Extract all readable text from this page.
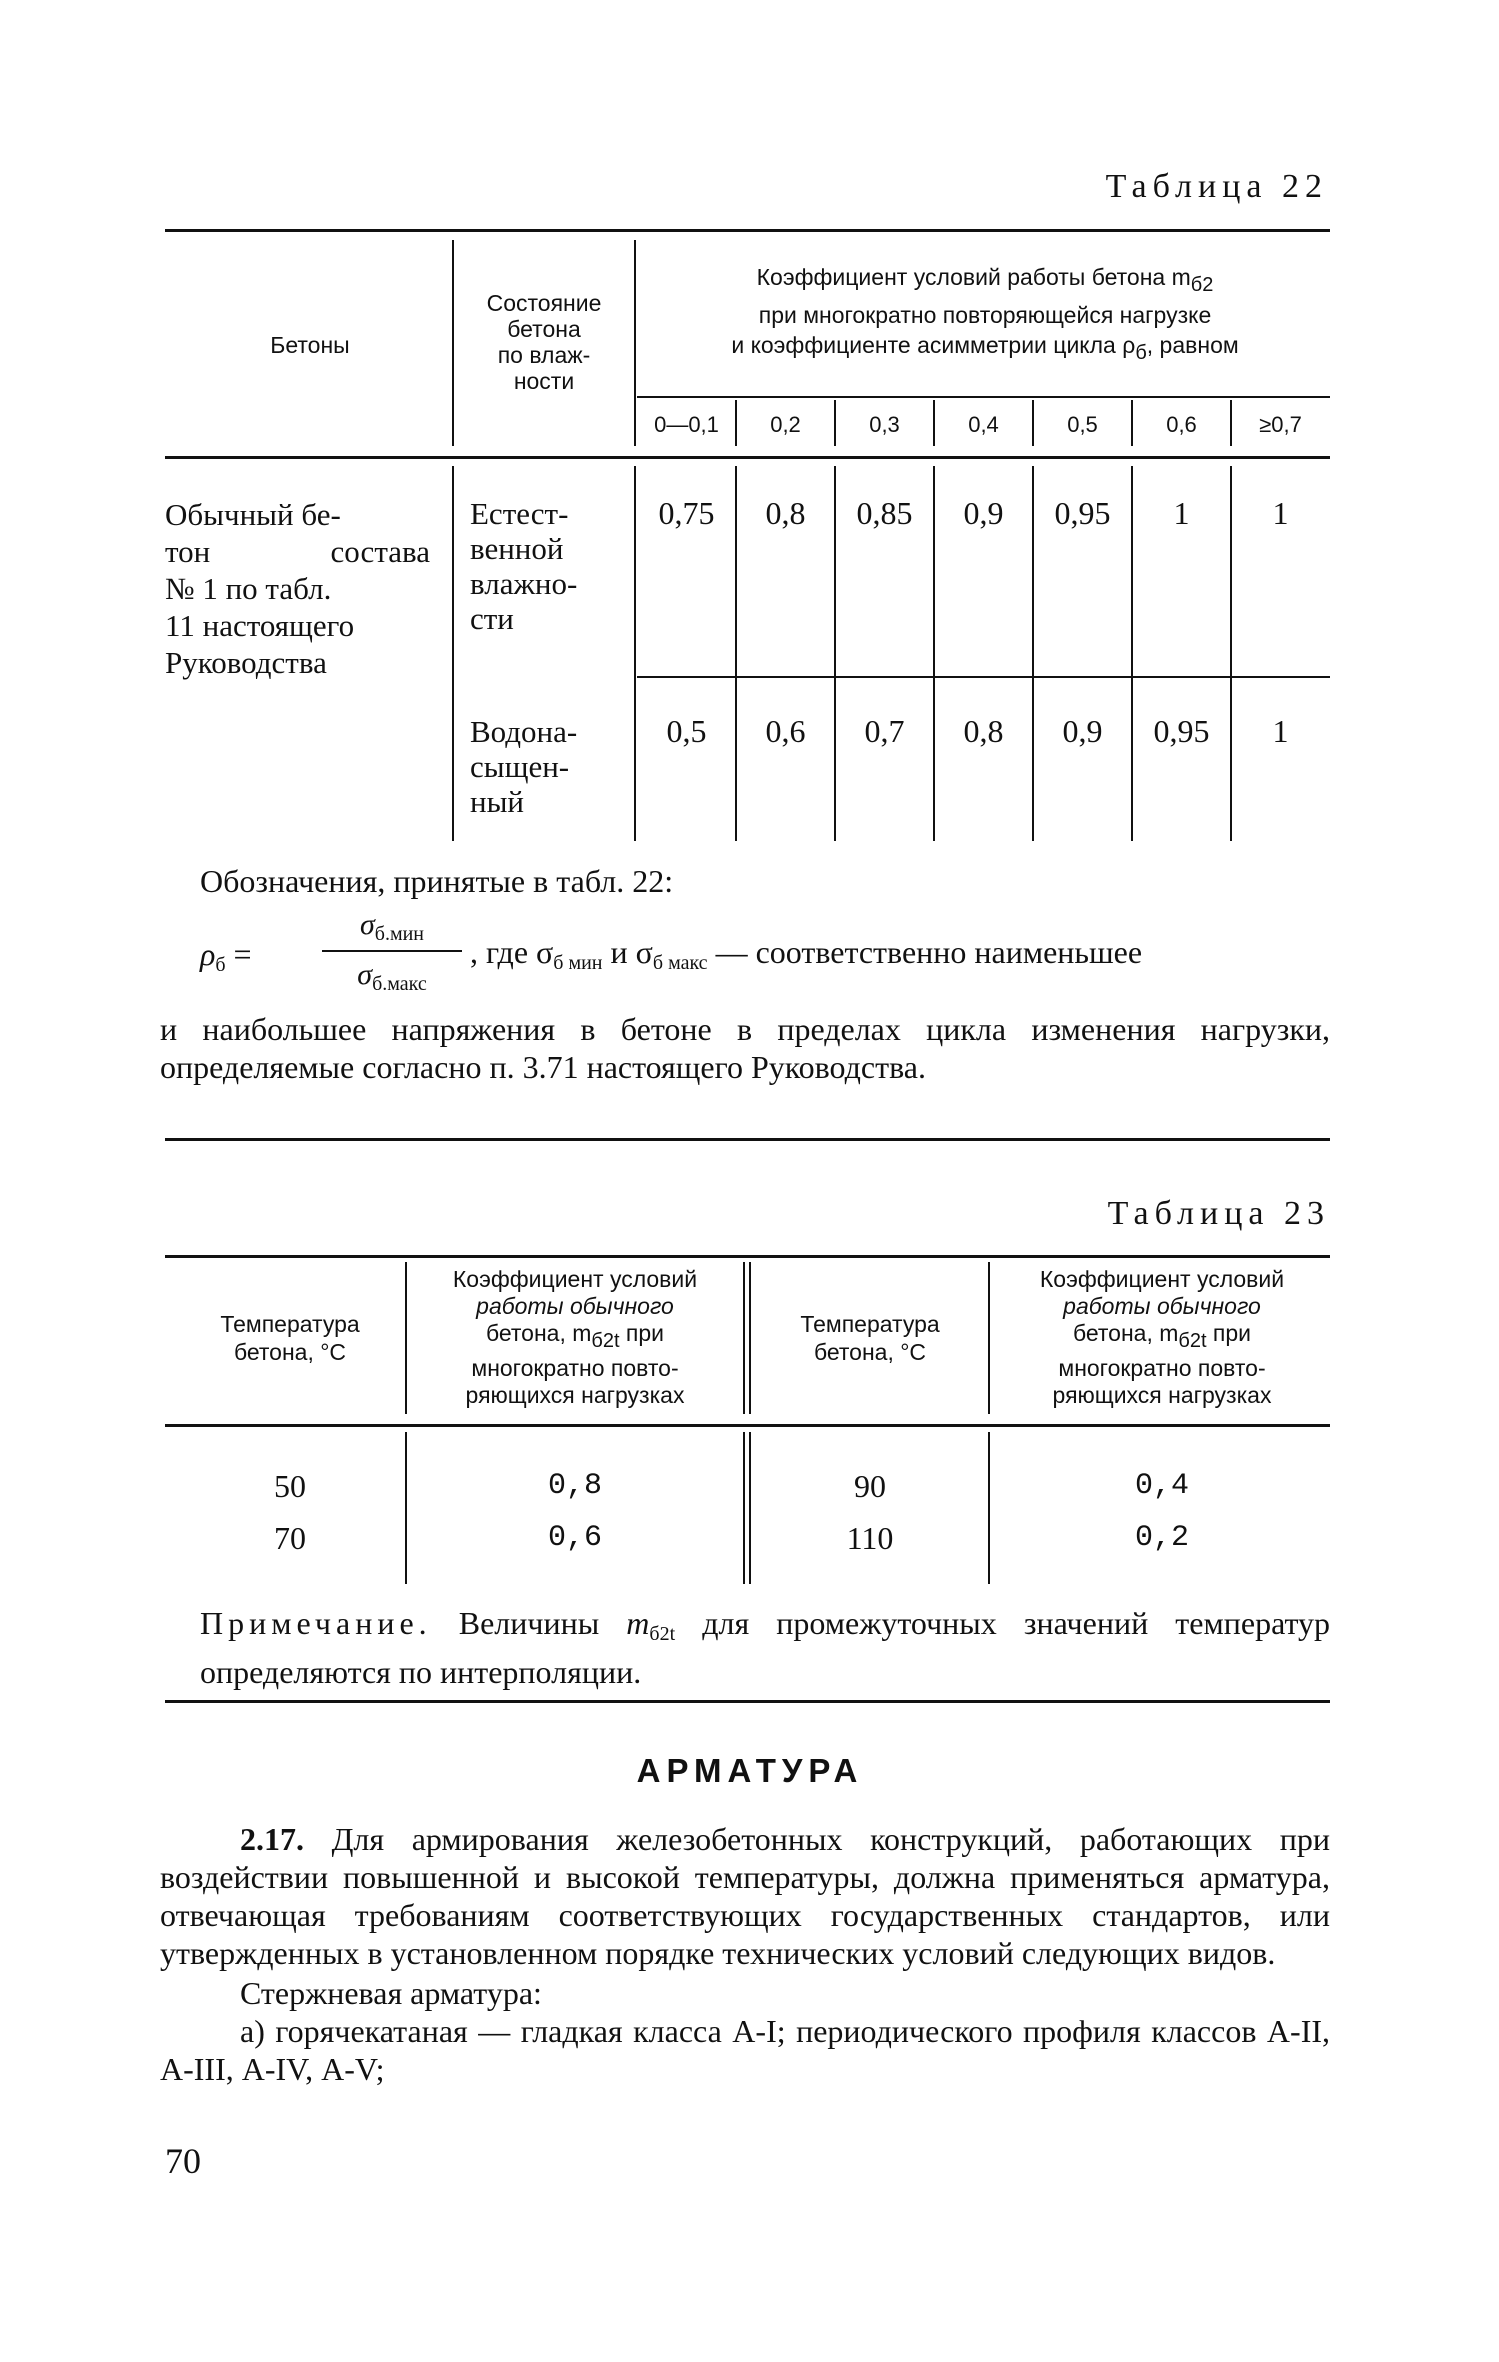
Таблица 22
Бетоны
Состояние
бетона
по влаж-
ности
Коэффициент условий работы бетона mб2
при многократно повторяющейся нагрузке
и коэффициенте асимметрии цикла ρб, равном
0—0,1
0,75
0,5
0,2
0,8
0,6
0,3
0,85
0,7
0,4
0,9
0,8
0,5
0,95
0,9
0,6
1
0,95
≥0,7
1
1
Обычный бе-
тон состава
№ 1 по табл.
11 настоящего
Руководства
Естест-
венной
влажно-
сти
Водона-
сыщен-
ный
Обозначения, принятые в табл. 22:
$\rho_б$ =
$\sigma_{б.мин}$
$\sigma_{б.макс}$
, где $\sigma_{б мин}$ и $\sigma_{б макс}$ — соответственно наименьшее
и наибольшее напряжения в бетоне в пределах цикла изменения нагрузки, определяемые согласно п. 3.71 настоящего Руководства.
Таблица 23
Температура
бетона, °С
Коэффициент условий
работы обычного
бетона, mб2t при
многократно повто-
ряющихся нагрузках
Температура
бетона, °С
Коэффициент условий
работы обычного
бетона, mб2t при
многократно повто-
ряющихся нагрузках
50
70
0,8
0,6
90
110
0,4
0,2
Примечание. Величины $m_{б2t}$ для промежуточных значений температур определяются по интерполяции.
АРМАТУРА
2.17. Для армирования железобетонных конструкций, работающих при воздействии повышенной и высокой температуры, должна применяться арматура, отвечающая требованиям соответствующих государственных стандартов, или утвержденных в установленном порядке технических условий следующих видов.
Стержневая арматура:
а) горячекатаная — гладкая класса А-I; периодического профиля классов А-II, А-III, А-IV, А-V;
70
